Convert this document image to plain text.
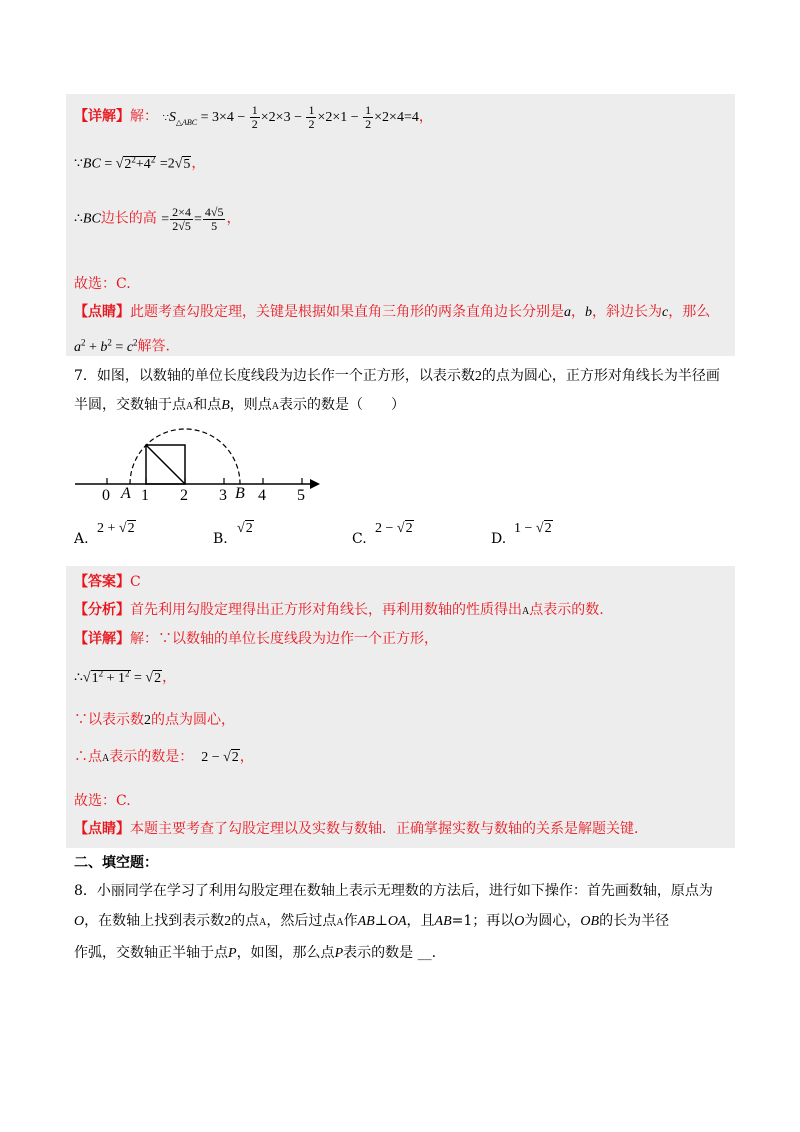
【详解】解： $\because S_{\triangle ABC} = 3\times 4 - \frac{1}{2} \times 2\times 3 - \frac{1}{2} \times 2\times 1 - \frac{1}{2} \times 2\times 4=4$，
∵BC = $√2^2+4^2 =2√5$，
∴BC边长的高 = $\frac{2\times 4}{2√5} = \frac{4√5}{5}$ ，
故选：C.
【点睛】此题考查勾股定理，关键是根据如果直角三角形的两条直角边长分别是a，b，斜边长为c，那么
$a^2 + b^2 = c^2$解答.
7．如图，以数轴的单位长度线段为边长作一个正方形，以表示数2的点为圆心，正方形对角线长为半径画
半圆，交数轴于点A和点B，则点A表示的数是（　　）
0 1 2 3 4 5
A	B
A.
2 + √2
B.
√2
C.
2 − √2
D.
1 − √2
【答案】C
【分析】首先利用勾股定理得出正方形对角线长，再利用数轴的性质得出A点表示的数.
【详解】解：∵以数轴的单位长度线段为边作一个正方形，
$\therefore√1^2 + 1^2 = √2$，
∵以表示数2的点为圆心，
∴点A表示的数是：  2 − √2，
故选：C.
【点睛】本题主要考查了勾股定理以及实数与数轴．正确掌握实数与数轴的关系是解题关键.
二、填空题：
8．小丽同学在学习了利用勾股定理在数轴上表示无理数的方法后，进行如下操作：首先画数轴，原点为
O，在数轴上找到表示数2的点A，然后过点A作AB⊥OA，且AB=1；再以O为圆心，OB的长为半径
作弧，交数轴正半轴于点P，如图，那么点P表示的数是 __.
